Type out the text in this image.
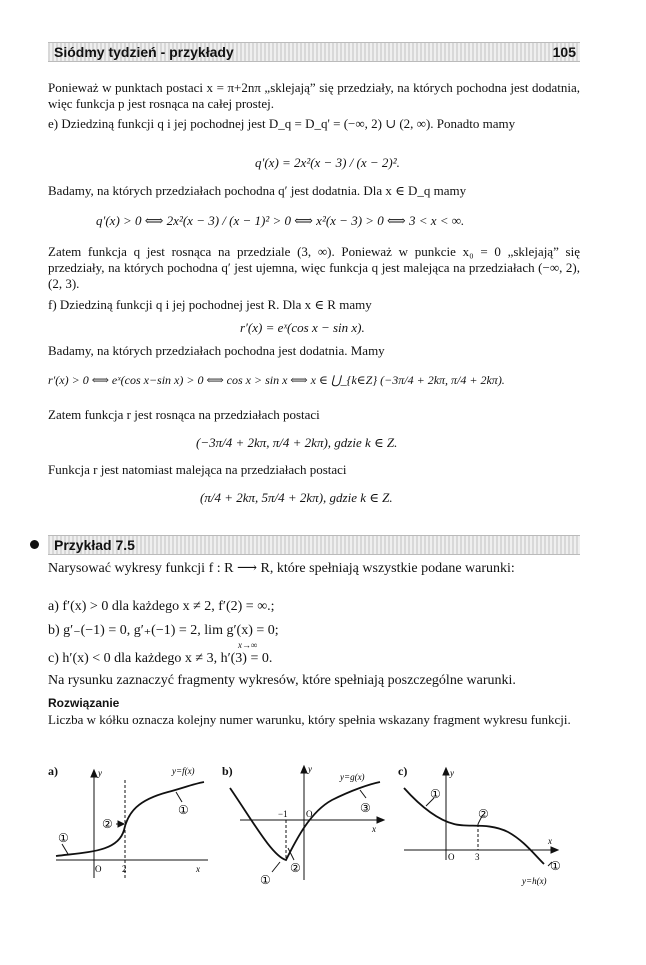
Siódmy tydzień - przykłady	105
Ponieważ w punktach postaci x = π+2nπ „sklejają” się przedziały, na których pochodna jest dodatnia, więc funkcja p jest rosnąca na całej prostej.
e) Dziedziną funkcji q i jej pochodnej jest D_q = D_q' = (−∞, 2) ∪ (2, ∞). Ponadto mamy
q′(x) = 2x²(x − 3) / (x − 2)².
Badamy, na których przedziałach pochodna q′ jest dodatnia. Dla x ∈ D_q mamy
q′(x) > 0 ⟺ 2x²(x − 3) / (x − 1)² > 0 ⟺ x²(x − 3) > 0 ⟺ 3 < x < ∞.
Zatem funkcja q jest rosnąca na przedziale (3, ∞). Ponieważ w punkcie x₀ = 0 „sklejają” się przedziały, na których pochodna q′ jest ujemna, więc funkcja q jest malejąca na przedziałach (−∞, 2), (2, 3).
f) Dziedziną funkcji q i jej pochodnej jest R. Dla x ∈ R mamy
r′(x) = eˣ(cos x − sin x).
Badamy, na których przedziałach pochodna jest dodatnia. Mamy
r′(x) > 0 ⟺ eˣ(cos x−sin x) > 0 ⟺ cos x > sin x ⟺ x ∈ ⋃_{k∈Z} (−3π/4 + 2kπ, π/4 + 2kπ).
Zatem funkcja r jest rosnąca na przedziałach postaci
(−3π/4 + 2kπ, π/4 + 2kπ), gdzie k ∈ Z.
Funkcja r jest natomiast malejąca na przedziałach postaci
(π/4 + 2kπ, 5π/4 + 2kπ), gdzie k ∈ Z.
Przykład 7.5
Narysować wykresy funkcji f : R ⟶ R, które spełniają wszystkie podane warunki:
a) f′(x) > 0 dla każdego x ≠ 2, f′(2) = ∞.;
b) g′₋(−1) = 0, g′₊(−1) = 2, lim g′(x) = 0;
x→∞
c) h′(x) < 0 dla każdego x ≠ 3, h′(3) = 0.
Na rysunku zaznaczyć fragmenty wykresów, które spełniają poszczególne warunki.
Rozwiązanie
Liczba w kółku oznacza kolejny numer warunku, który spełnia wskazany fragment wykresu funkcji.
a)	y=f(x)
y
x
O 2
①
②
①
b)	y=g(x)
y
x
O
−1
①
②
③
c)	y
x
O 3
y=h(x)
①
②
①
